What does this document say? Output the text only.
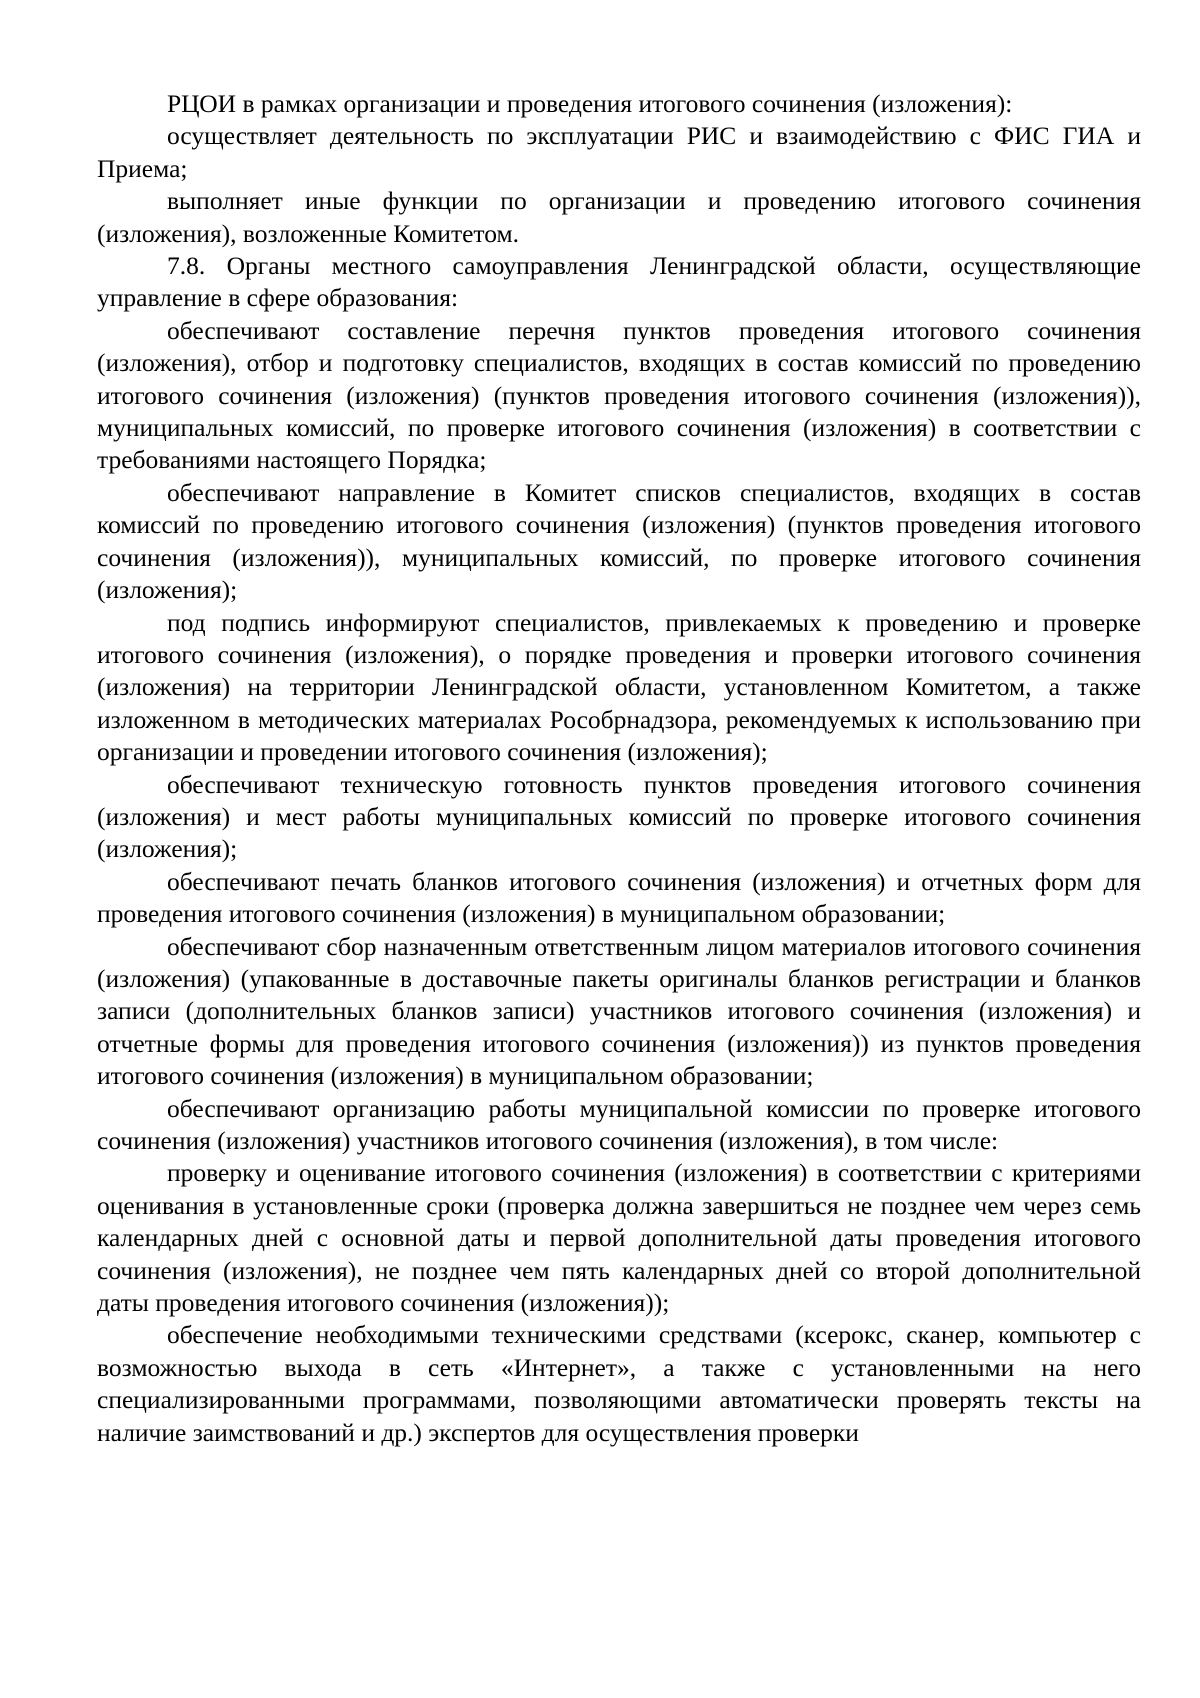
РЦОИ в рамках организации и проведения итогового сочинения (изложения):

осуществляет деятельность по эксплуатации РИС и взаимодействию с ФИС ГИА и Приема;

выполняет иные функции по организации и проведению итогового сочинения (изложения), возложенные Комитетом.

7.8. Органы местного самоуправления Ленинградской области, осуществляющие управление в сфере образования:

обеспечивают составление перечня пунктов проведения итогового сочинения (изложения), отбор и подготовку специалистов, входящих в состав комиссий по проведению итогового сочинения (изложения) (пунктов проведения итогового сочинения (изложения)), муниципальных комиссий, по проверке итогового сочинения (изложения) в соответствии с требованиями настоящего Порядка;

обеспечивают направление в Комитет списков специалистов, входящих в состав комиссий по проведению итогового сочинения (изложения) (пунктов проведения итогового сочинения (изложения)), муниципальных комиссий, по проверке итогового сочинения (изложения);

под подпись информируют специалистов, привлекаемых к проведению и проверке итогового сочинения (изложения), о порядке проведения и проверки итогового сочинения (изложения) на территории Ленинградской области, установленном Комитетом, а также изложенном в методических материалах Рособрнадзора, рекомендуемых к использованию при организации и проведении итогового сочинения (изложения);

обеспечивают техническую готовность пунктов проведения итогового сочинения (изложения) и мест работы муниципальных комиссий по проверке итогового сочинения (изложения);

обеспечивают печать бланков итогового сочинения (изложения) и отчетных форм для проведения итогового сочинения (изложения) в муниципальном образовании;

обеспечивают сбор назначенным ответственным лицом материалов итогового сочинения (изложения) (упакованные в доставочные пакеты оригиналы бланков регистрации и бланков записи (дополнительных бланков записи) участников итогового сочинения (изложения) и отчетные формы для проведения итогового сочинения (изложения)) из пунктов проведения итогового сочинения (изложения) в муниципальном образовании;

обеспечивают организацию работы муниципальной комиссии по проверке итогового сочинения (изложения) участников итогового сочинения (изложения), в том числе:

проверку и оценивание итогового сочинения (изложения) в соответствии с критериями оценивания в установленные сроки (проверка должна завершиться не позднее чем через семь календарных дней с основной даты и первой дополнительной даты проведения итогового сочинения (изложения), не позднее чем пять календарных дней со второй дополнительной даты проведения итогового сочинения (изложения));

обеспечение необходимыми техническими средствами (ксерокс, сканер, компьютер с возможностью выхода в сеть «Интернет», а также с установленными на него специализированными программами, позволяющими автоматически проверять тексты на наличие заимствований и др.) экспертов для осуществления проверки
